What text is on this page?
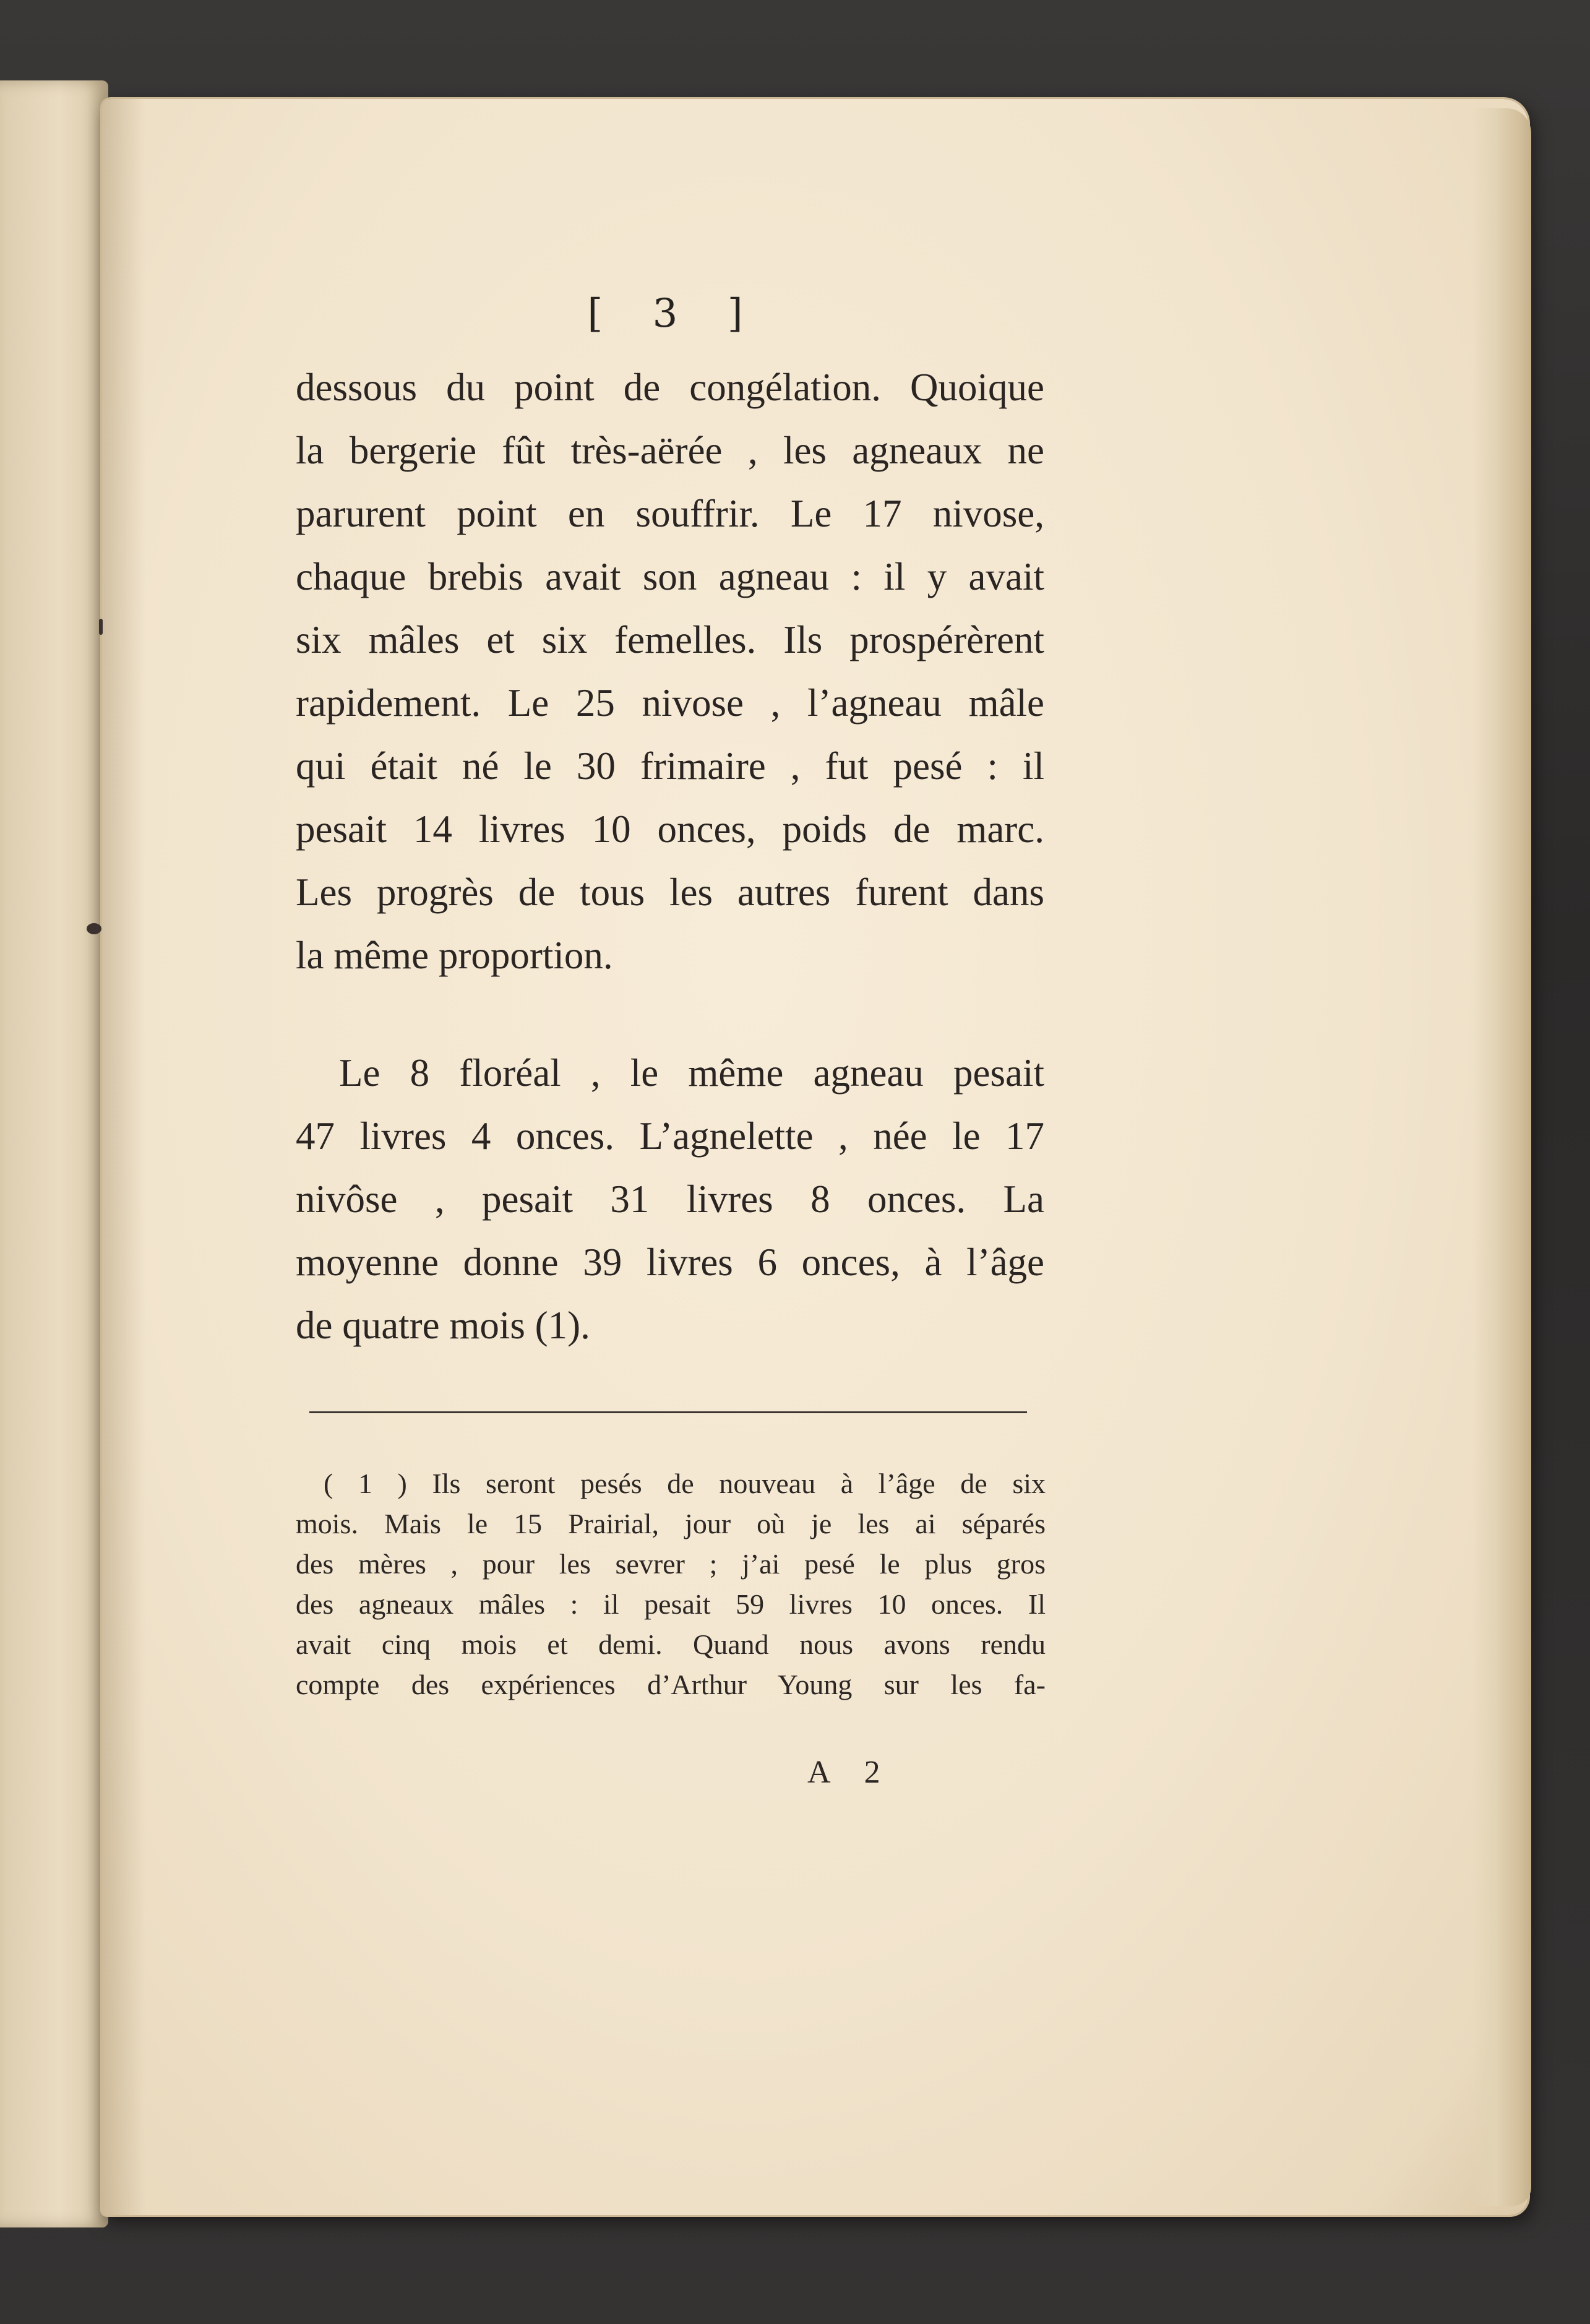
[ 3 ]
dessous du point de congélation. Quoique
la bergerie fût très-aërée , les agneaux ne
parurent point en souffrir. Le 17 nivose,
chaque brebis avait son agneau : il y avait
six mâles et six femelles. Ils prospérèrent
rapidement. Le 25 nivose , l’agneau mâle
qui était né le 30 frimaire , fut pesé : il
pesait 14 livres 10 onces, poids de marc.
Les progrès de tous les autres furent dans
la même proportion.
Le 8 floréal , le même agneau pesait
47 livres 4 onces. L’agnelette , née le 17
nivôse , pesait 31 livres 8 onces. La
moyenne donne 39 livres 6 onces, à l’âge
de quatre mois (1).
( 1 ) Ils seront pesés de nouveau à l’âge de six
mois. Mais le 15 Prairial, jour où je les ai séparés
des mères , pour les sevrer ; j’ai pesé le plus gros
des agneaux mâles : il pesait 59 livres 10 onces. Il
avait cinq mois et demi. Quand nous avons rendu
compte des expériences d’Arthur Young sur les fa-
A 2
